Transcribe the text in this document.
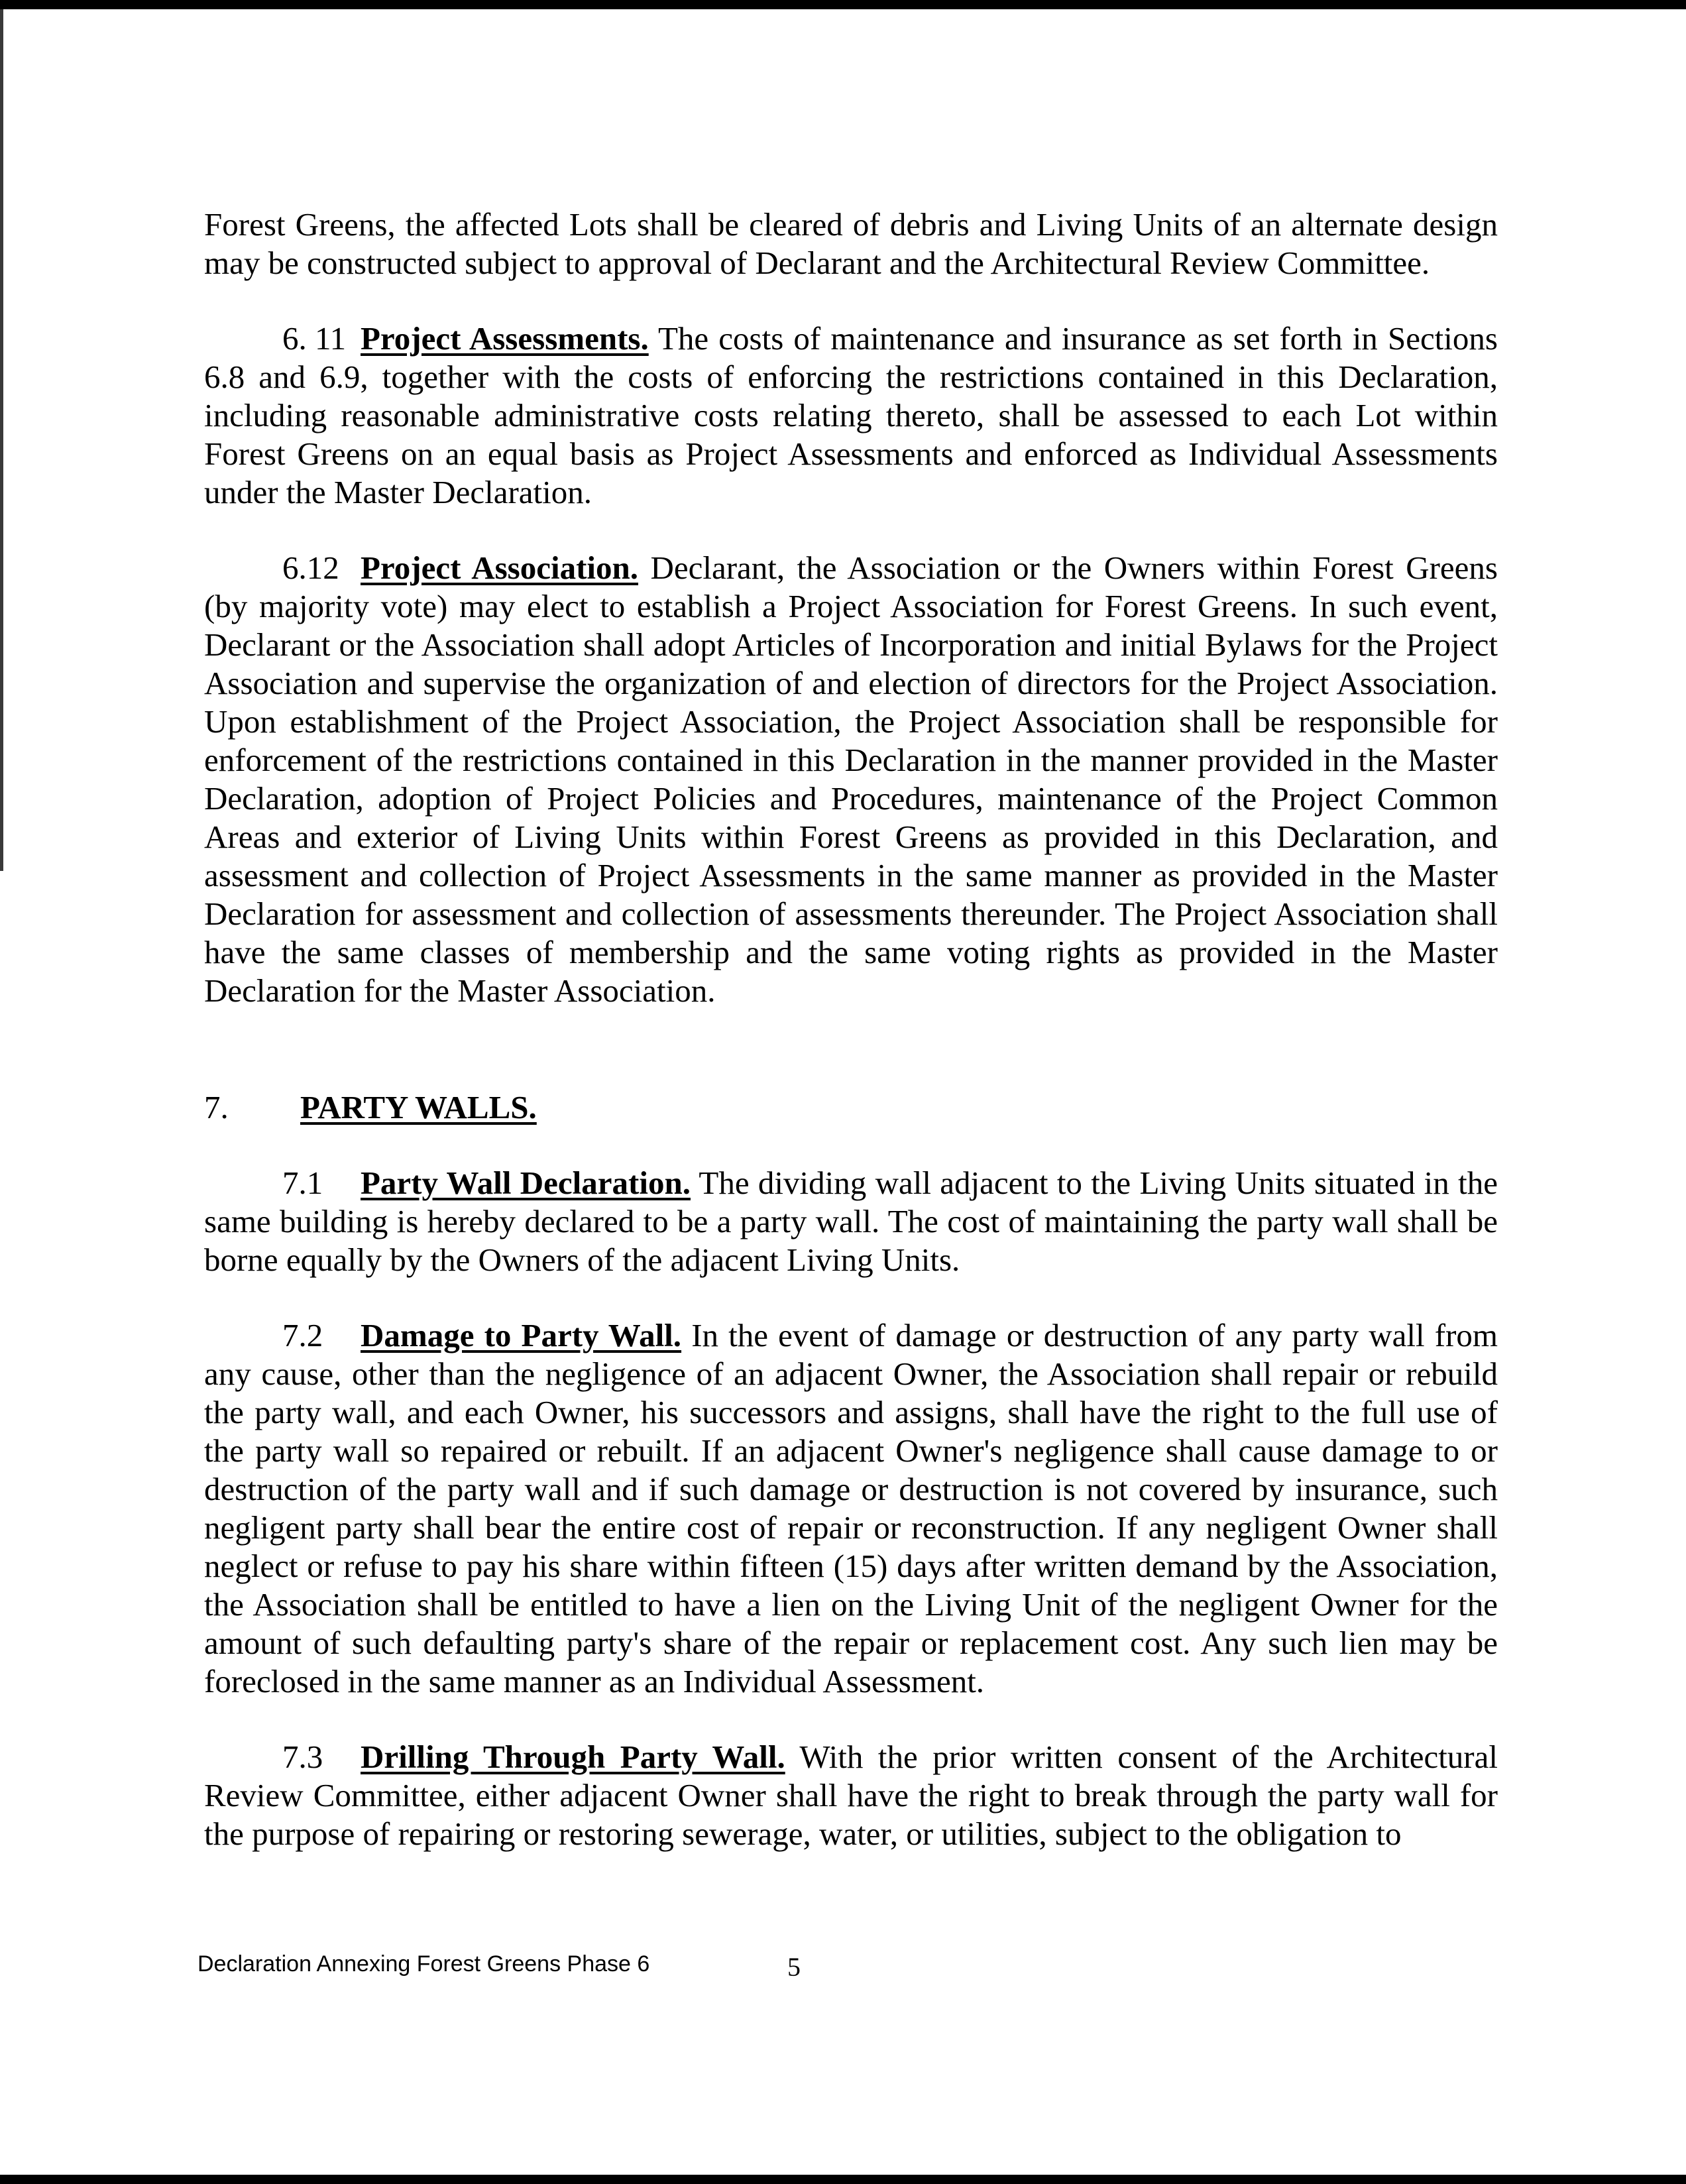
Forest Greens, the affected Lots shall be cleared of debris and Living Units of an alternate design may be constructed subject to approval of Declarant and the Architectural Review Committee.

6. 11 Project Assessments. The costs of maintenance and insurance as set forth in Sections 6.8 and 6.9, together with the costs of enforcing the restrictions contained in this Declaration, including reasonable administrative costs relating thereto, shall be assessed to each Lot within Forest Greens on an equal basis as Project Assessments and enforced as Individual Assessments under the Master Declaration.

6.12 Project Association. Declarant, the Association or the Owners within Forest Greens (by majority vote) may elect to establish a Project Association for Forest Greens. In such event, Declarant or the Association shall adopt Articles of Incorporation and initial Bylaws for the Project Association and supervise the organization of and election of directors for the Project Association. Upon establishment of the Project Association, the Project Association shall be responsible for enforcement of the restrictions contained in this Declaration in the manner provided in the Master Declaration, adoption of Project Policies and Procedures, maintenance of the Project Common Areas and exterior of Living Units within Forest Greens as provided in this Declaration, and assessment and collection of Project Assessments in the same manner as provided in the Master Declaration for assessment and collection of assessments thereunder. The Project Association shall have the same classes of membership and the same voting rights as provided in the Master Declaration for the Master Association.

7.	PARTY WALLS.

7.1 Party Wall Declaration. The dividing wall adjacent to the Living Units situated in the same building is hereby declared to be a party wall. The cost of maintaining the party wall shall be borne equally by the Owners of the adjacent Living Units.

7.2 Damage to Party Wall. In the event of damage or destruction of any party wall from any cause, other than the negligence of an adjacent Owner, the Association shall repair or rebuild the party wall, and each Owner, his successors and assigns, shall have the right to the full use of the party wall so repaired or rebuilt. If an adjacent Owner's negligence shall cause damage to or destruction of the party wall and if such damage or destruction is not covered by insurance, such negligent party shall bear the entire cost of repair or reconstruction. If any negligent Owner shall neglect or refuse to pay his share within fifteen (15) days after written demand by the Association, the Association shall be entitled to have a lien on the Living Unit of the negligent Owner for the amount of such defaulting party's share of the repair or replacement cost. Any such lien may be foreclosed in the same manner as an Individual Assessment.

7.3 Drilling Through Party Wall. With the prior written consent of the Architectural Review Committee, either adjacent Owner shall have the right to break through the party wall for the purpose of repairing or restoring sewerage, water, or utilities, subject to the obligation to

Declaration Annexing Forest Greens Phase 6	5
